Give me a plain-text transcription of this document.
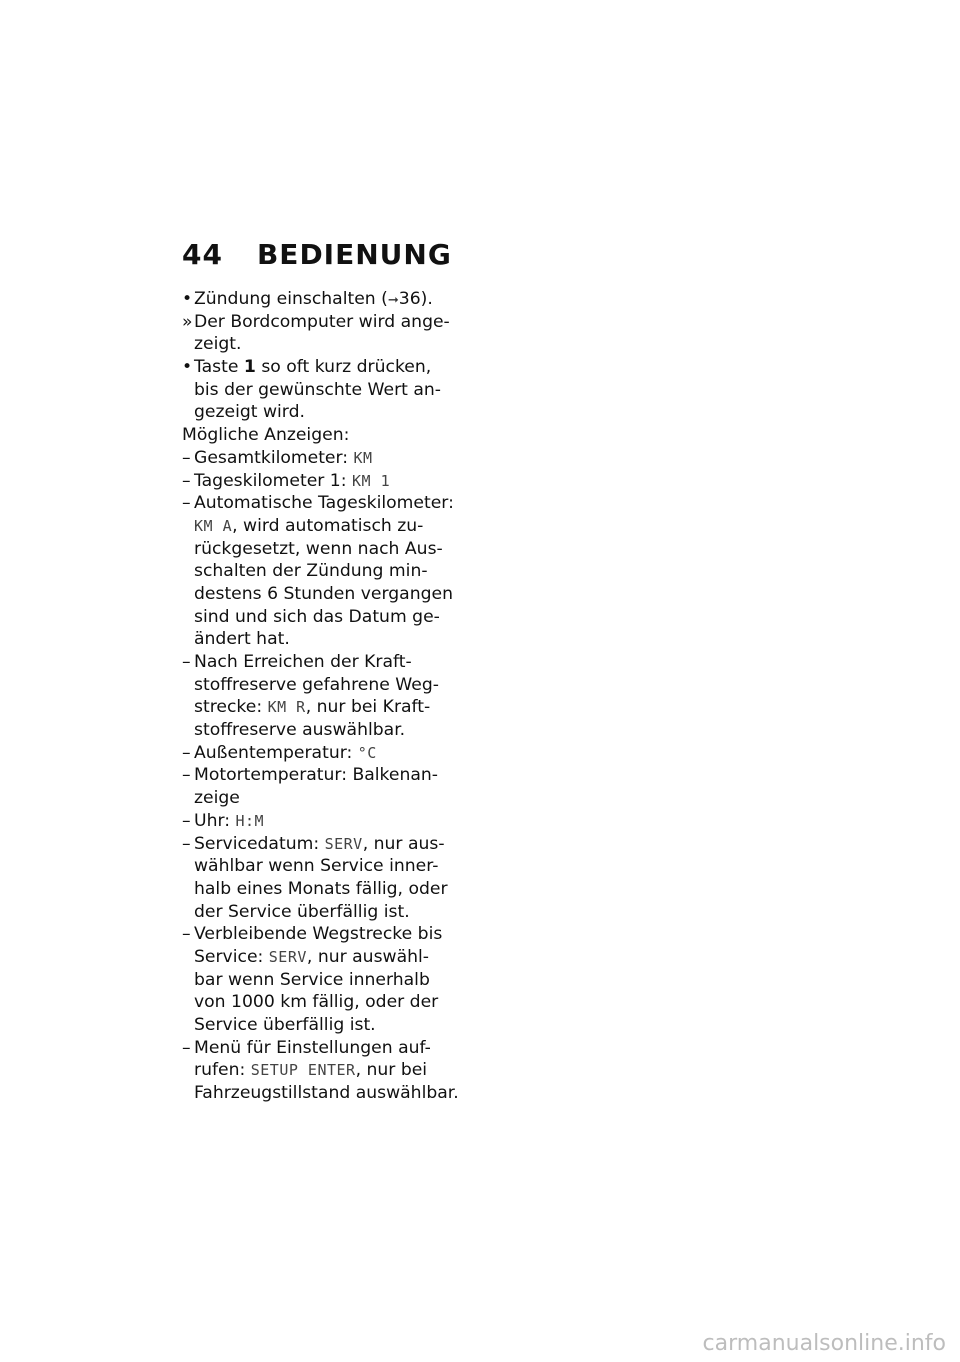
44 BEDIENUNG
• Zündung einschalten (➞36).
» Der Bordcomputer wird ange-
zeigt.
• Taste 1 so oft kurz drücken,
bis der gewünschte Wert an-
gezeigt wird.
Mögliche Anzeigen:
– Gesamtkilometer: KM
– Tageskilometer 1: KM 1
– Automatische Tageskilometer:
KM A, wird automatisch zu-
rückgesetzt, wenn nach Aus-
schalten der Zündung min-
destens 6 Stunden vergangen
sind und sich das Datum ge-
ändert hat.
– Nach Erreichen der Kraft-
stoffreserve gefahrene Weg-
strecke: KM R, nur bei Kraft-
stoffreserve auswählbar.
– Außentemperatur: °C
– Motortemperatur: Balkenan-
zeige
– Uhr: H:M
– Servicedatum: SERV, nur aus-
wählbar wenn Service inner-
halb eines Monats fällig, oder
der Service überfällig ist.
– Verbleibende Wegstrecke bis
Service: SERV, nur auswähl-
bar wenn Service innerhalb
von 1000 km fällig, oder der
Service überfällig ist.
– Menü für Einstellungen auf-
rufen: SETUP ENTER, nur bei
Fahrzeugstillstand auswählbar.
carmanualsonline.info
